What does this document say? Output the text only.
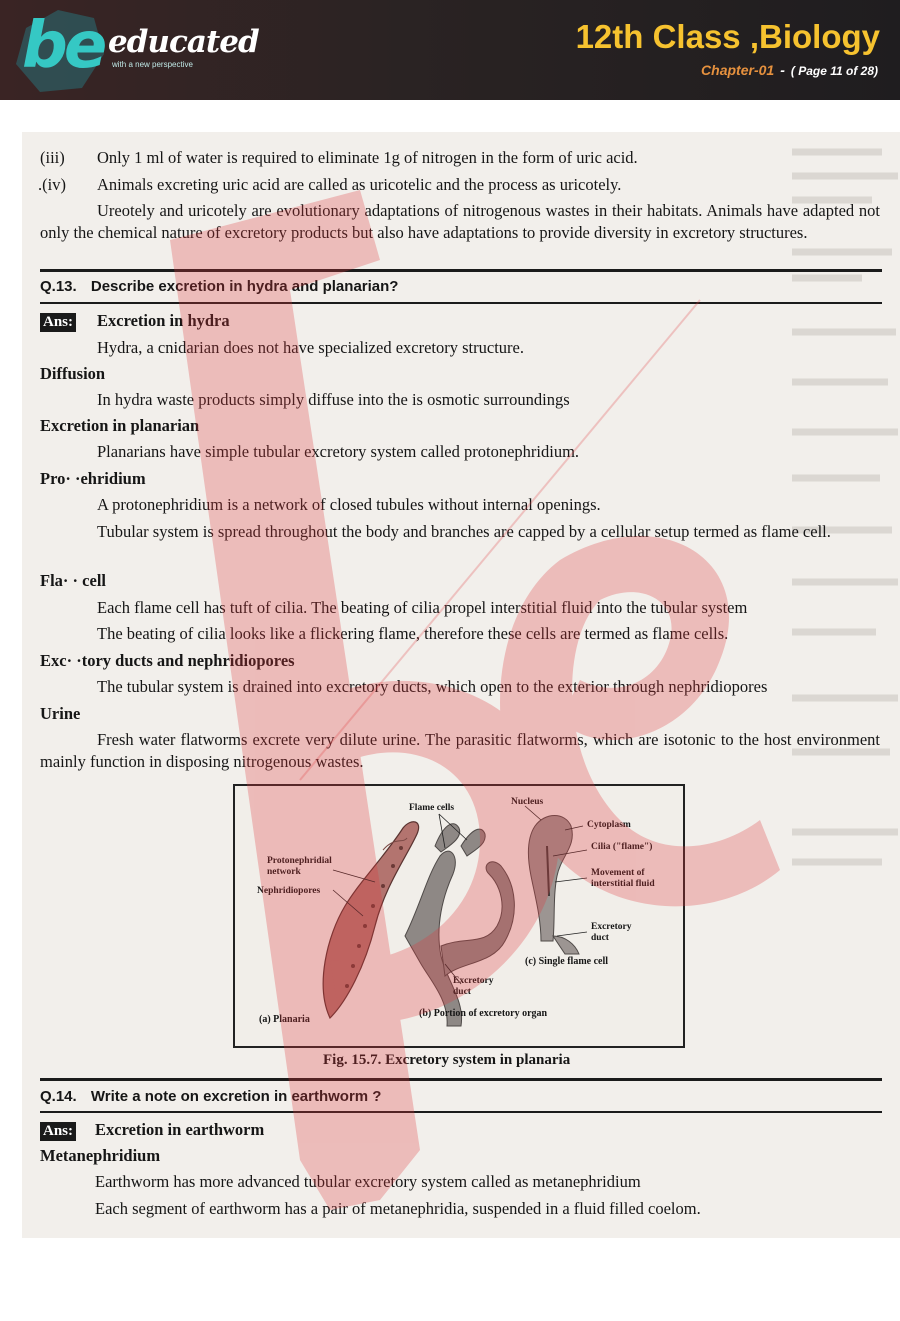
be educated
with a new perspective
12th Class ,Biology
Chapter-01 - ( Page 11 of 28)
(iii) Only 1 ml of water is required to eliminate 1g of nitrogen in the form of uric acid.
.(iv) Animals excreting uric acid are called as uricotelic and the process as uricotely.
Ureotely and uricotely are evolutionary adaptations of nitrogenous wastes in their habitats. Animals have adapted not only the chemical nature of excretory products but also have adaptations to provide diversity in excretory structures.
Q.13. Describe excretion in hydra and planarian?
Ans: Excretion in hydra
Hydra, a cnidarian does not have specialized excretory structure.
Diffusion
In hydra waste products simply diffuse into the is osmotic surroundings
Excretion in planarian
Planarians have simple tubular excretory system called protonephridium.
Pro· ·ehridium
A protonephridium is a network of closed tubules without internal openings.
Tubular system is spread throughout the body and branches are capped by a cellular setup termed as flame cell.
Fla· · cell
Each flame cell has tuft of cilia. The beating of cilia propel interstitial fluid into the tubular system
The beating of cilia looks like a flickering flame, therefore these cells are termed as flame cells.
Exc· ·tory ducts and nephridiopores
The tubular system is drained into excretory ducts, which open to the exterior through nephridiopores
Urine
Fresh water flatworms excrete very dilute urine. The parasitic flatworms, which are isotonic to the host environment mainly function in disposing nitrogenous wastes.
Flame cells
Nucleus
Cytoplasm
Cilia ("flame")
Movement of interstitial fluid
Excretory duct
Protonephridial network
Nephridiopores
Excretory duct
(a) Planaria
(b) Portion of excretory organ
(c) Single flame cell
Fig. 15.7. Excretory system in planaria
Q.14. Write a note on excretion in earthworm ?
Ans: Excretion in earthworm
Metanephridium
Earthworm has more advanced tubular excretory system called as metanephridium
Each segment of earthworm has a pair of metanephridia, suspended in a fluid filled coelom.
